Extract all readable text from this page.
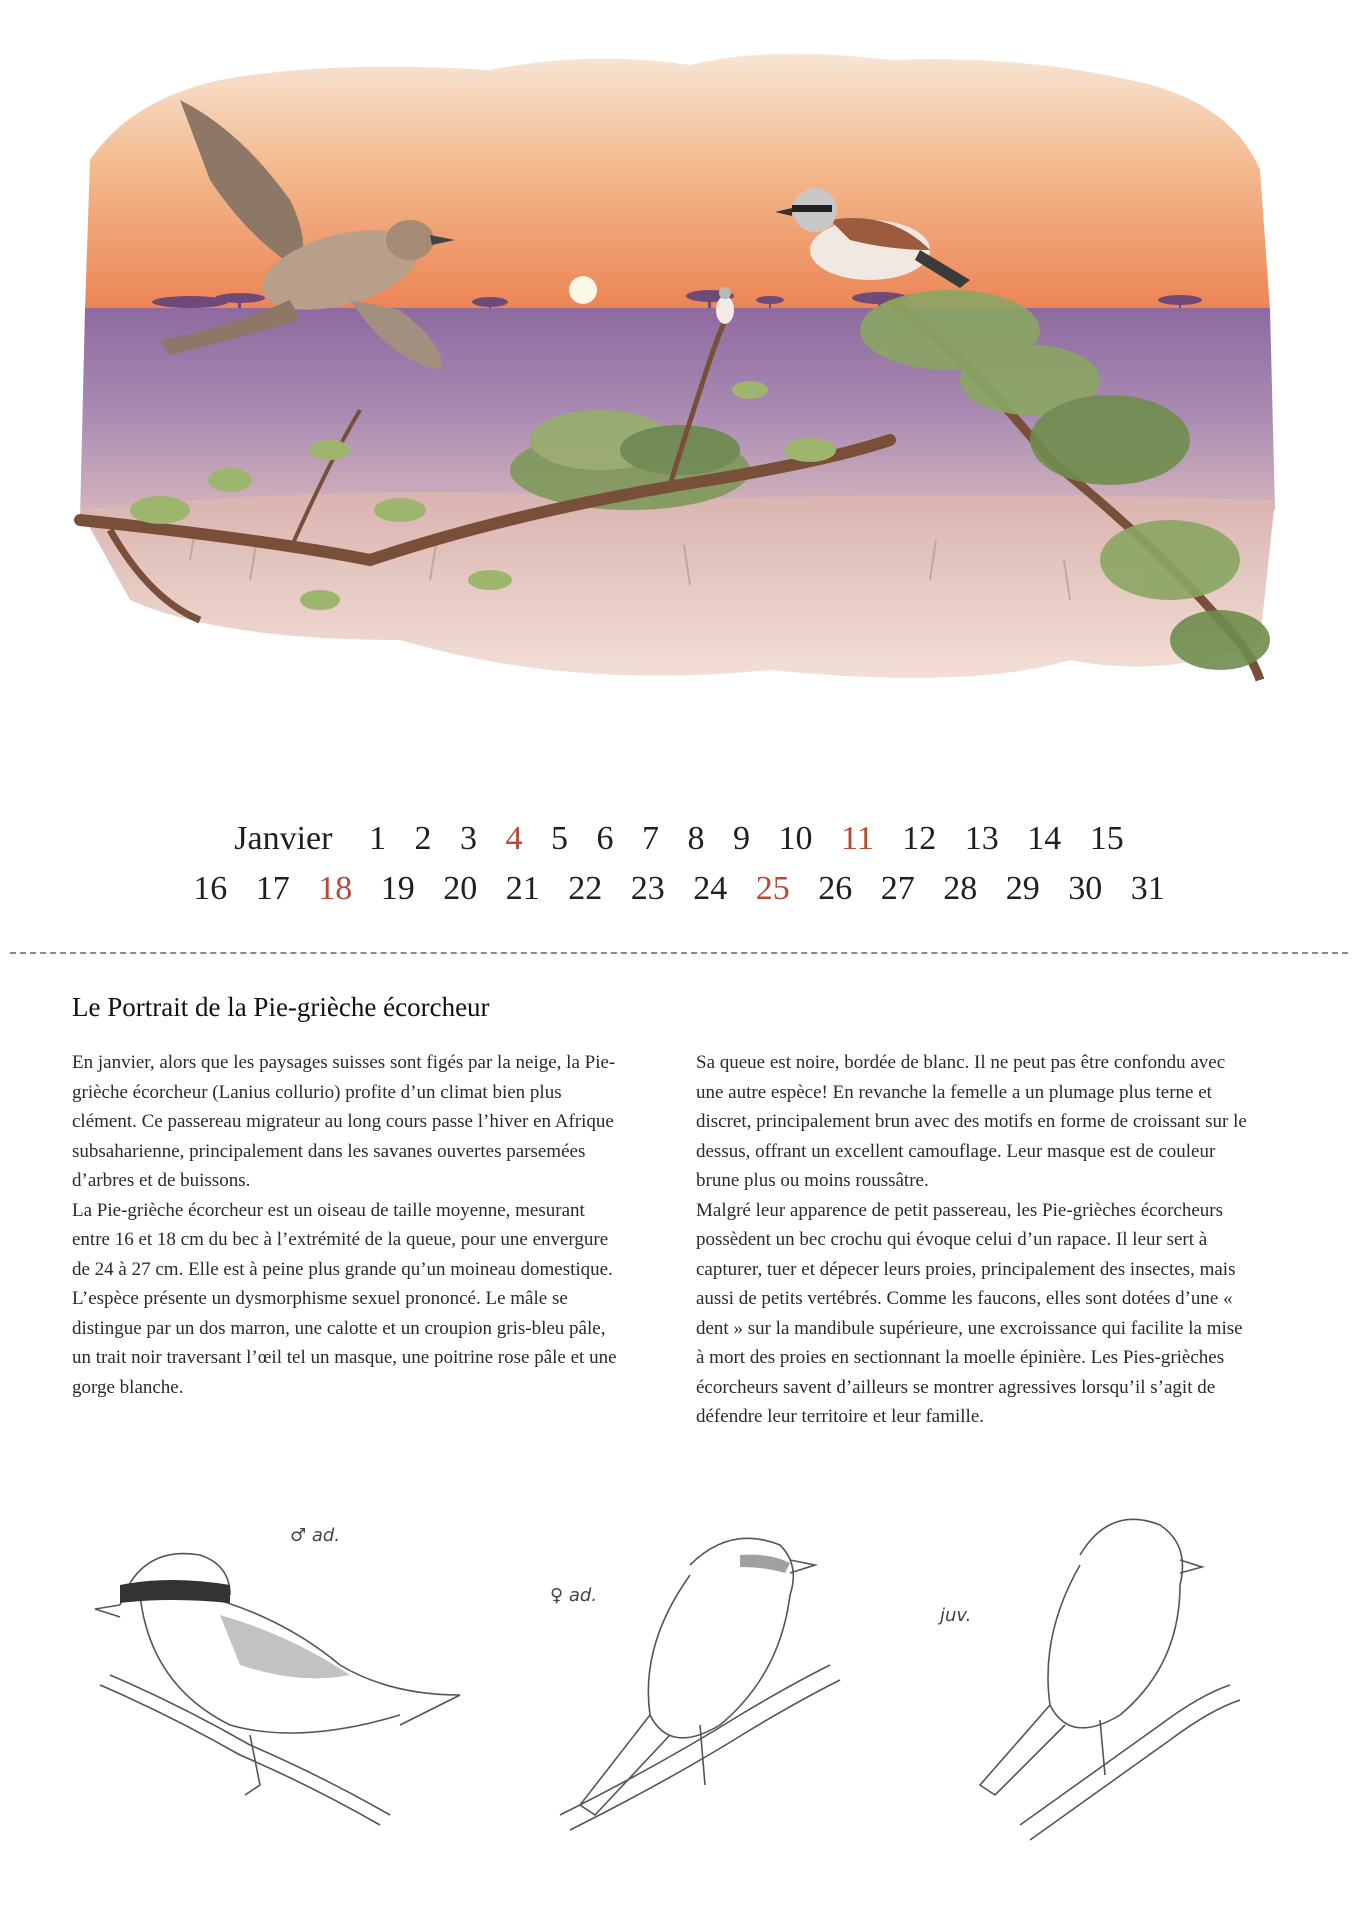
Janvier 1 2 3 4 5 6 7 8 9 10 11 12 13 14 15
16 17 18 19 20 21 22 23 24 25 26 27 28 29 30 31
Le Portrait de la Pie-grièche écorcheur

En janvier, alors que les paysages suisses sont figés par la neige, la Pie-grièche écorcheur (Lanius collurio) profite d’un climat bien plus clément. Ce passereau migrateur au long cours passe l’hiver en Afrique subsaharienne, principalement dans les savanes ouvertes parsemées d’arbres et de buissons.

La Pie-grièche écorcheur est un oiseau de taille moyenne, mesurant entre 16 et 18 cm du bec à l’extrémité de la queue, pour une envergure de 24 à 27 cm. Elle est à peine plus grande qu’un moineau domestique.

L’espèce présente un dysmorphisme sexuel prononcé. Le mâle se distingue par un dos marron, une calotte et un croupion gris-bleu pâle, un trait noir traversant l’œil tel un masque, une poitrine rose pâle et une gorge blanche.

Sa queue est noire, bordée de blanc. Il ne peut pas être confondu avec une autre espèce! En revanche la femelle a un plumage plus terne et discret, principalement brun avec des motifs en forme de croissant sur le dessus, offrant un excellent camouflage. Leur masque est de couleur brune plus ou moins roussâtre.

Malgré leur apparence de petit passereau, les Pie-grièches écorcheurs possèdent un bec crochu qui évoque celui d’un rapace. Il leur sert à capturer, tuer et dépecer leurs proies, principalement des insectes, mais aussi de petits vertébrés. Comme les faucons, elles sont dotées d’une « dent » sur la mandibule supérieure, une excroissance qui facilite la mise à mort des proies en sectionnant la moelle épinière. Les Pies-grièches écorcheurs savent d’ailleurs se montrer agressives lorsqu’il s’agit de défendre leur territoire et leur famille.

♂ ad.
♀ ad.
juv.
